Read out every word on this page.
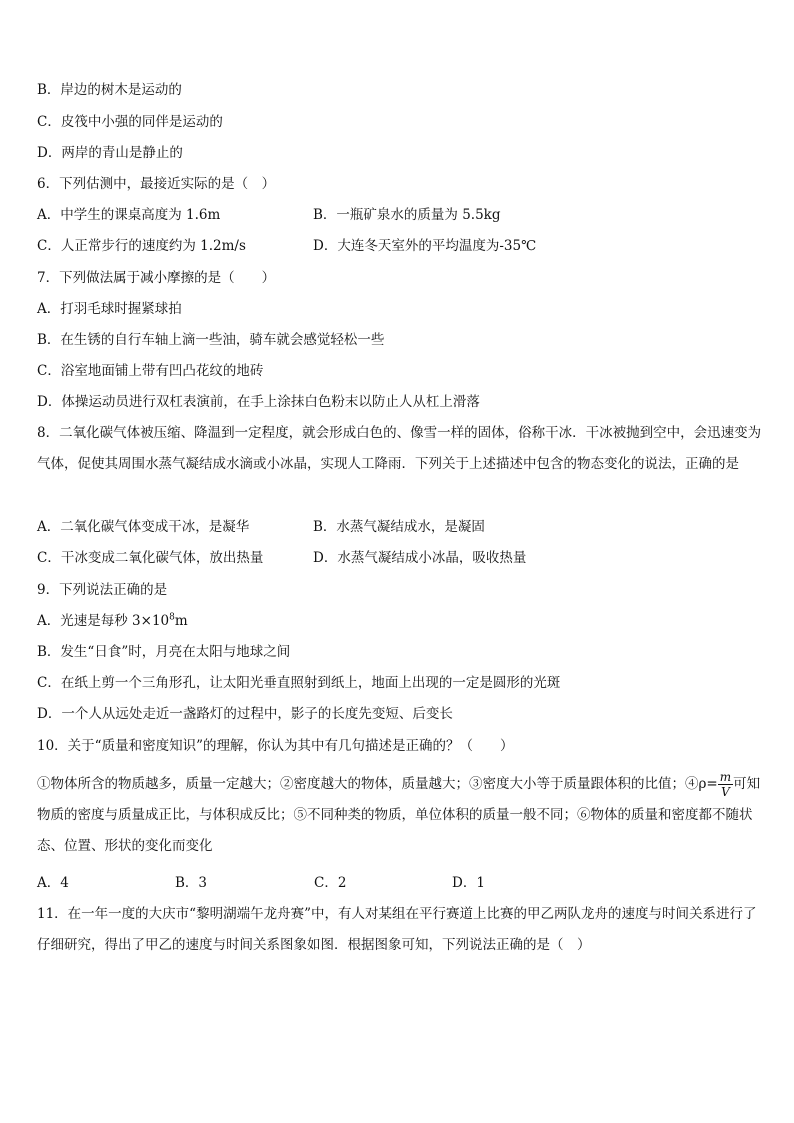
B．岸边的树木是运动的
C．皮筏中小强的同伴是运动的
D．两岸的青山是静止的
6．下列估测中，最接近实际的是（　）
A．中学生的课桌高度为 1.6m	B．一瓶矿泉水的质量为 5.5kg
C．人正常步行的速度约为 1.2m/s	D．大连冬天室外的平均温度为-35℃
7．下列做法属于减小摩擦的是（　　）
A．打羽毛球时握紧球拍
B．在生锈的自行车轴上滴一些油，骑车就会感觉轻松一些
C．浴室地面铺上带有凹凸花纹的地砖
D．体操运动员进行双杠表演前，在手上涂抹白色粉末以防止人从杠上滑落
8．二氧化碳气体被压缩、降温到一定程度，就会形成白色的、像雪一样的固体，俗称干冰．干冰被抛到空中，会迅速变为气体，促使其周围水蒸气凝结成水滴或小冰晶，实现人工降雨．下列关于上述描述中包含的物态变化的说法，正确的是
A．二氧化碳气体变成干冰，是凝华	B．水蒸气凝结成水，是凝固
C．干冰变成二氧化碳气体，放出热量	D．水蒸气凝结成小冰晶，吸收热量
9．下列说法正确的是
A．光速是每秒 $3\times 10^8m$
B．发生“日食”时，月亮在太阳与地球之间
C．在纸上剪一个三角形孔，让太阳光垂直照射到纸上，地面上出现的一定是圆形的光斑
D．一个人从远处走近一盏路灯的过程中，影子的长度先变短、后变长
10．关于“质量和密度知识”的理解，你认为其中有几句描述是正确的？（　　）
①物体所含的物质越多，质量一定越大；②密度越大的物体，质量越大；③密度大小等于质量跟体积的比值；④ρ= $\frac{m}{V}$ 可知物质的密度与质量成正比，与体积成反比；⑤不同种类的物质，单位体积的质量一般不同；⑥物体的质量和密度都不随状态、位置、形状的变化而变化
A．4	B．3	C．2	D．1
11．在一年一度的大庆市“黎明湖端午龙舟赛”中，有人对某组在平行赛道上比赛的甲乙两队龙舟的速度与时间关系进行了仔细研究，得出了甲乙的速度与时间关系图象如图．根据图象可知，下列说法正确的是（　）
